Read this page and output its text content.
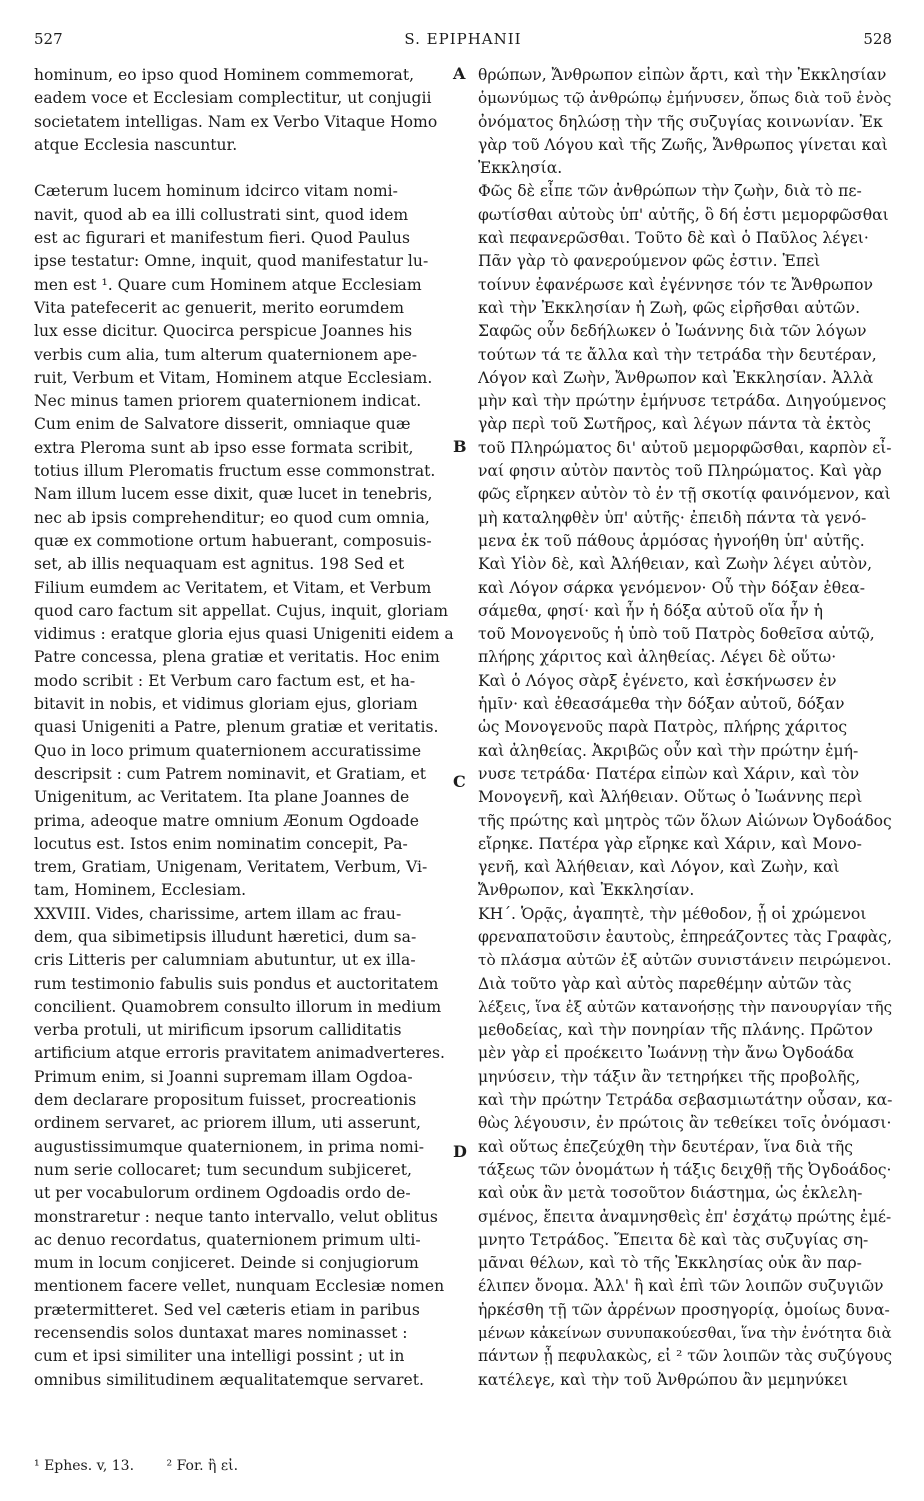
527	S. EPIPHANII	528
hominum, eo ipso quod Hominem commemorat,
eadem voce et Ecclesiam complectitur, ut conjugii
societatem intelligas. Nam ex Verbo Vitaque Homo
atque Ecclesia nascuntur.
Cæterum lucem hominum idcirco vitam nomi-
navit, quod ab ea illi collustrati sint, quod idem
est ac figurari et manifestum fieri. Quod Paulus
ipse testatur: Omne, inquit, quod manifestatur lu-
men est ¹. Quare cum Hominem atque Ecclesiam
Vita patefecerit ac genuerit, merito eorumdem
lux esse dicitur. Quocirca perspicue Joannes his
verbis cum alia, tum alterum quaternionem ape-
ruit, Verbum et Vitam, Hominem atque Ecclesiam.
Nec minus tamen priorem quaternionem indicat.
Cum enim de Salvatore disserit, omniaque quæ
extra Pleroma sunt ab ipso esse formata scribit,
totius illum Pleromatis fructum esse commonstrat.
Nam illum lucem esse dixit, quæ lucet in tenebris,
nec ab ipsis comprehenditur; eo quod cum omnia,
quæ ex commotione ortum habuerant, composuis-
set, ab illis nequaquam est agnitus. 198 Sed et
Filium eumdem ac Veritatem, et Vitam, et Verbum
quod caro factum sit appellat. Cujus, inquit, gloriam
vidimus : eratque gloria ejus quasi Unigeniti eidem a
Patre concessa, plena gratiæ et veritatis. Hoc enim
modo scribit : Et Verbum caro factum est, et ha-
bitavit in nobis, et vidimus gloriam ejus, gloriam
quasi Unigeniti a Patre, plenum gratiæ et veritatis.
Quo in loco primum quaternionem accuratissime
descripsit : cum Patrem nominavit, et Gratiam, et
Unigenitum, ac Veritatem. Ita plane Joannes de
prima, adeoque matre omnium Æonum Ogdoade
locutus est. Istos enim nominatim concepit, Pa-
trem, Gratiam, Unigenam, Veritatem, Verbum, Vi-
tam, Hominem, Ecclesiam.
XXVIII. Vides, charissime, artem illam ac frau-
dem, qua sibimetipsis illudunt hæretici, dum sa-
cris Litteris per calumniam abutuntur, ut ex illa-
rum testimonio fabulis suis pondus et auctoritatem
concilient. Quamobrem consulto illorum in medium
verba protuli, ut mirificum ipsorum calliditatis
artificium atque erroris pravitatem animadverteres.
Primum enim, si Joanni supremam illam Ogdoa-
dem declarare propositum fuisset, procreationis
ordinem servaret, ac priorem illum, uti asserunt,
augustissimumque quaternionem, in prima nomi-
num serie collocaret; tum secundum subjiceret,
ut per vocabulorum ordinem Ogdoadis ordo de-
monstraretur : neque tanto intervallo, velut oblitus
ac denuo recordatus, quaternionem primum ulti-
mum in locum conjiceret. Deinde si conjugiorum
mentionem facere vellet, nunquam Ecclesiæ nomen
prætermitteret. Sed vel cæteris etiam in paribus
recensendis solos duntaxat mares nominasset :
cum et ipsi similiter una intelligi possint ; ut in
omnibus similitudinem æqualitatemque servaret.
θρώπων, Ἄνθρωπον εἰπὼν ἄρτι, καὶ τὴν Ἐκκλησίαν
ὁμωνύμως τῷ ἀνθρώπῳ ἐμήνυσεν, ὅπως διὰ τοῦ ἑνὸς
ὀνόματος δηλώσῃ τὴν τῆς συζυγίας κοινωνίαν. Ἐκ
γὰρ τοῦ Λόγου καὶ τῆς Ζωῆς, Ἄνθρωπος γίνεται καὶ
Ἐκκλησία.
Φῶς δὲ εἶπε τῶν ἀνθρώπων τὴν ζωὴν, διὰ τὸ πε-
φωτίσθαι αὐτοὺς ὑπ' αὐτῆς, ὃ δή ἐστι μεμορφῶσθαι
καὶ πεφανερῶσθαι. Τοῦτο δὲ καὶ ὁ Παῦλος λέγει·
Πᾶν γὰρ τὸ φανερούμενον φῶς ἐστιν. Ἐπεὶ
τοίνυν ἐφανέρωσε καὶ ἐγέννησε τόν τε Ἄνθρωπον
καὶ τὴν Ἐκκλησίαν ἡ Ζωὴ, φῶς εἰρῆσθαι αὐτῶν.
Σαφῶς οὖν δεδήλωκεν ὁ Ἰωάννης διὰ τῶν λόγων
τούτων τά τε ἄλλα καὶ τὴν τετράδα τὴν δευτέραν,
Λόγον καὶ Ζωὴν, Ἄνθρωπον καὶ Ἐκκλησίαν. Ἀλλὰ
μὴν καὶ τὴν πρώτην ἐμήνυσε τετράδα. Διηγούμενος
γὰρ περὶ τοῦ Σωτῆρος, καὶ λέγων πάντα τὰ ἐκτὸς
τοῦ Πληρώματος δι' αὐτοῦ μεμορφῶσθαι, καρπὸν εἶ-
ναί φησιν αὐτὸν παντὸς τοῦ Πληρώματος. Καὶ γὰρ
φῶς εἴρηκεν αὐτὸν τὸ ἐν τῇ σκοτίᾳ φαινόμενον, καὶ
μὴ καταληφθὲν ὑπ' αὐτῆς· ἐπειδὴ πάντα τὰ γενό-
μενα ἐκ τοῦ πάθους ἁρμόσας ἠγνοήθη ὑπ' αὐτῆς.
Καὶ Υἱὸν δὲ, καὶ Ἀλήθειαν, καὶ Ζωὴν λέγει αὐτὸν,
καὶ Λόγον σάρκα γενόμενον· Οὗ τὴν δόξαν ἐθεα-
σάμεθα, φησί· καὶ ἦν ἡ δόξα αὐτοῦ οἵα ἦν ἡ
τοῦ Μονογενοῦς ἡ ὑπὸ τοῦ Πατρὸς δοθεῖσα αὐτῷ,
πλήρης χάριτος καὶ ἀληθείας. Λέγει δὲ οὕτω·
Καὶ ὁ Λόγος σὰρξ ἐγένετο, καὶ ἐσκήνωσεν ἐν
ἡμῖν· καὶ ἐθεασάμεθα τὴν δόξαν αὐτοῦ, δόξαν
ὡς Μονογενοῦς παρὰ Πατρὸς, πλήρης χάριτος
καὶ ἀληθείας. Ἀκριβῶς οὖν καὶ τὴν πρώτην ἐμή-
νυσε τετράδα· Πατέρα εἰπὼν καὶ Χάριν, καὶ τὸν
Μονογενῆ, καὶ Ἀλήθειαν. Οὕτως ὁ Ἰωάννης περὶ
τῆς πρώτης καὶ μητρὸς τῶν ὅλων Αἰώνων Ὀγδοάδος
εἴρηκε. Πατέρα γὰρ εἴρηκε καὶ Χάριν, καὶ Μονο-
γενῆ, καὶ Ἀλήθειαν, καὶ Λόγον, καὶ Ζωὴν, καὶ
Ἄνθρωπον, καὶ Ἐκκλησίαν.
ΚΗ΄. Ὁρᾷς, ἀγαπητὲ, τὴν μέθοδον, ᾗ οἱ χρώμενοι
φρεναπατοῦσιν ἑαυτοὺς, ἐπηρεάζοντες τὰς Γραφὰς,
τὸ πλάσμα αὐτῶν ἐξ αὐτῶν συνιστάνειν πειρώμενοι.
Διὰ τοῦτο γὰρ καὶ αὐτὸς παρεθέμην αὐτῶν τὰς
λέξεις, ἵνα ἐξ αὐτῶν κατανοήσῃς τὴν πανουργίαν τῆς
μεθοδείας, καὶ τὴν πονηρίαν τῆς πλάνης. Πρῶτον
μὲν γὰρ εἰ προέκειτο Ἰωάννῃ τὴν ἄνω Ὀγδοάδα
μηνύσειν, τὴν τάξιν ἂν τετηρήκει τῆς προβολῆς,
καὶ τὴν πρώτην Τετράδα σεβασμιωτάτην οὖσαν, κα-
θὼς λέγουσιν, ἐν πρώτοις ἂν τεθείκει τοῖς ὀνόμασι·
καὶ οὕτως ἐπεζεύχθη τὴν δευτέραν, ἵνα διὰ τῆς
τάξεως τῶν ὀνομάτων ἡ τάξις δειχθῇ τῆς Ὀγδοάδος·
καὶ οὐκ ἂν μετὰ τοσοῦτον διάστημα, ὡς ἐκλελη-
σμένος, ἔπειτα ἀναμνησθεὶς ἐπ' ἐσχάτῳ πρώτης ἐμέ-
μνητο Τετράδος. Ἔπειτα δὲ καὶ τὰς συζυγίας ση-
μᾶναι θέλων, καὶ τὸ τῆς Ἐκκλησίας οὐκ ἂν παρ-
έλιπεν ὄνομα. Ἀλλ' ἢ καὶ ἐπὶ τῶν λοιπῶν συζυγιῶν
ἠρκέσθη τῇ τῶν ἀρρένων προσηγορίᾳ, ὁμοίως δυνα-
μένων κἀκείνων συνυπακούεσθαι, ἵνα τὴν ἑνότητα διὰ
πάντων ᾖ πεφυλακὼς, εἰ ² τῶν λοιπῶν τὰς συζύγους
κατέλεγε, καὶ τὴν τοῦ Ἀνθρώπου ἂν μεμηνύκει
A
B
C
D
¹ Ephes. v, 13. ² For. ἢ εἰ.
